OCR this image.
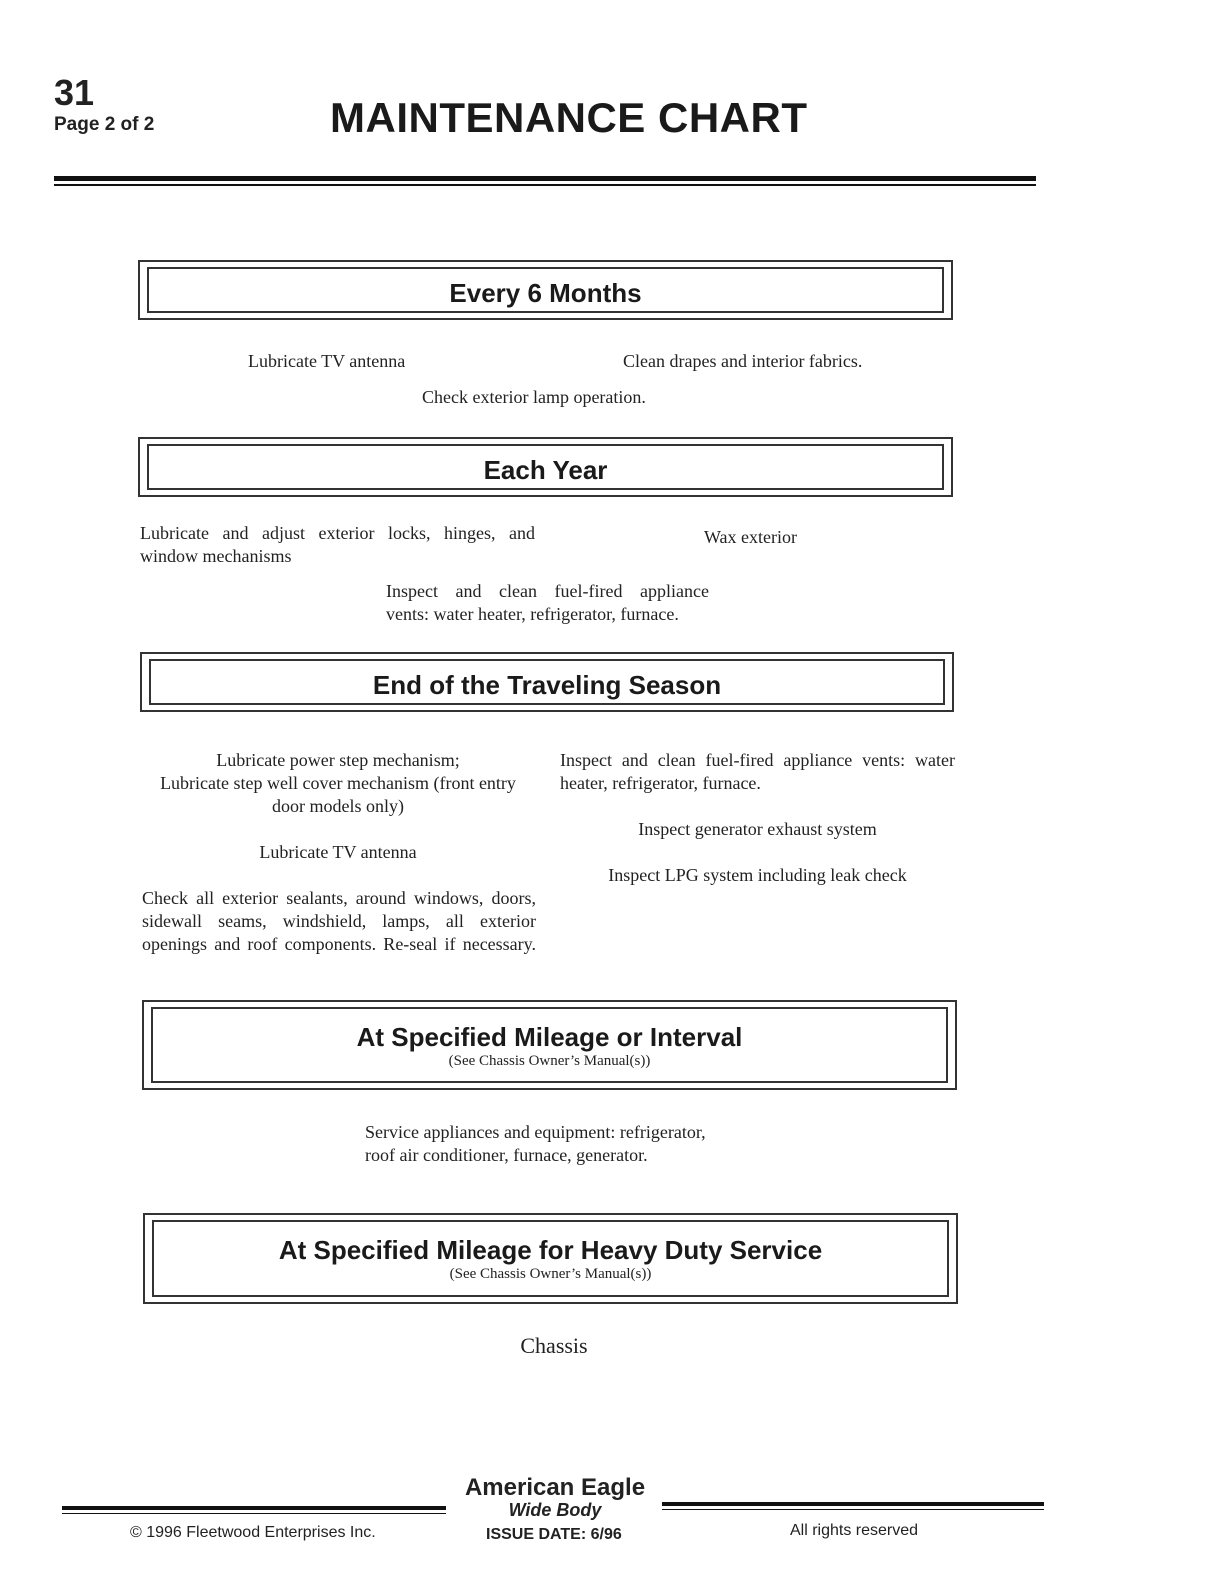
31
Page 2 of 2	MAINTENANCE CHART
Every 6 Months
Lubricate TV antenna	Clean drapes and interior fabrics.
Check exterior lamp operation.
Each Year
Lubricate and adjust exterior locks, hinges, and
window mechanisms
Wax exterior
Inspect and clean fuel-fired appliance
vents: water heater, refrigerator, furnace.
End of the Traveling Season
Lubricate power step mechanism;
Lubricate step well cover mechanism (front entry
door models only)
Lubricate TV antenna
Check all exterior sealants, around windows, doors,
sidewall seams, windshield, lamps, all exterior
openings and roof components. Re-seal if necessary.
Inspect and clean fuel-fired appliance vents: water
heater, refrigerator, furnace.
Inspect generator exhaust system
Inspect LPG system including leak check
At Specified Mileage or Interval
(See Chassis Owner’s Manual(s))
Service appliances and equipment: refrigerator,
roof air conditioner, furnace, generator.
At Specified Mileage for Heavy Duty Service
(See Chassis Owner’s Manual(s))
Chassis
American Eagle
Wide Body
© 1996 Fleetwood Enterprises Inc.	ISSUE DATE: 6/96	All rights reserved
